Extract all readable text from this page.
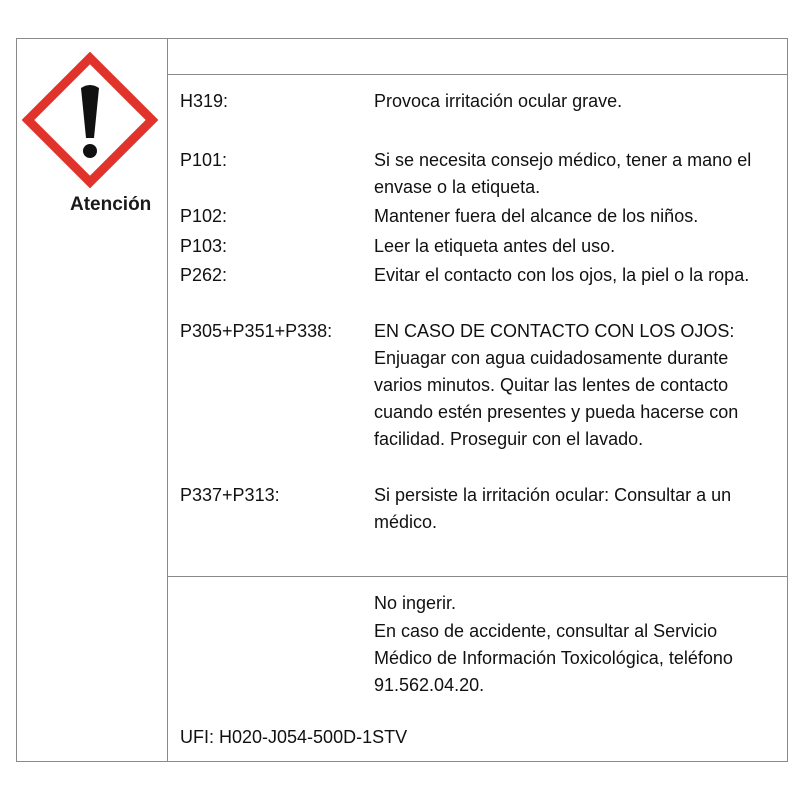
Atención
H319:	Provoca irritación ocular grave.
P101:	Si se necesita consejo médico, tener a mano el envase o la etiqueta.
P102:	Mantener fuera del alcance de los niños.
P103:	Leer la etiqueta antes del uso.
P262:	Evitar el contacto con los ojos, la piel o la ropa.
P305+P351+P338: EN CASO DE CONTACTO CON LOS OJOS: Enjuagar con agua cuidadosamente durante varios minutos. Quitar las lentes de contacto cuando estén presentes y pueda hacerse con facilidad. Proseguir con el lavado.
P337+P313:	Si persiste la irritación ocular: Consultar a un médico.
No ingerir.
En caso de accidente, consultar al Servicio Médico de Información Toxicológica, teléfono 91.562.04.20.
UFI: H020-J054-500D-1STV
